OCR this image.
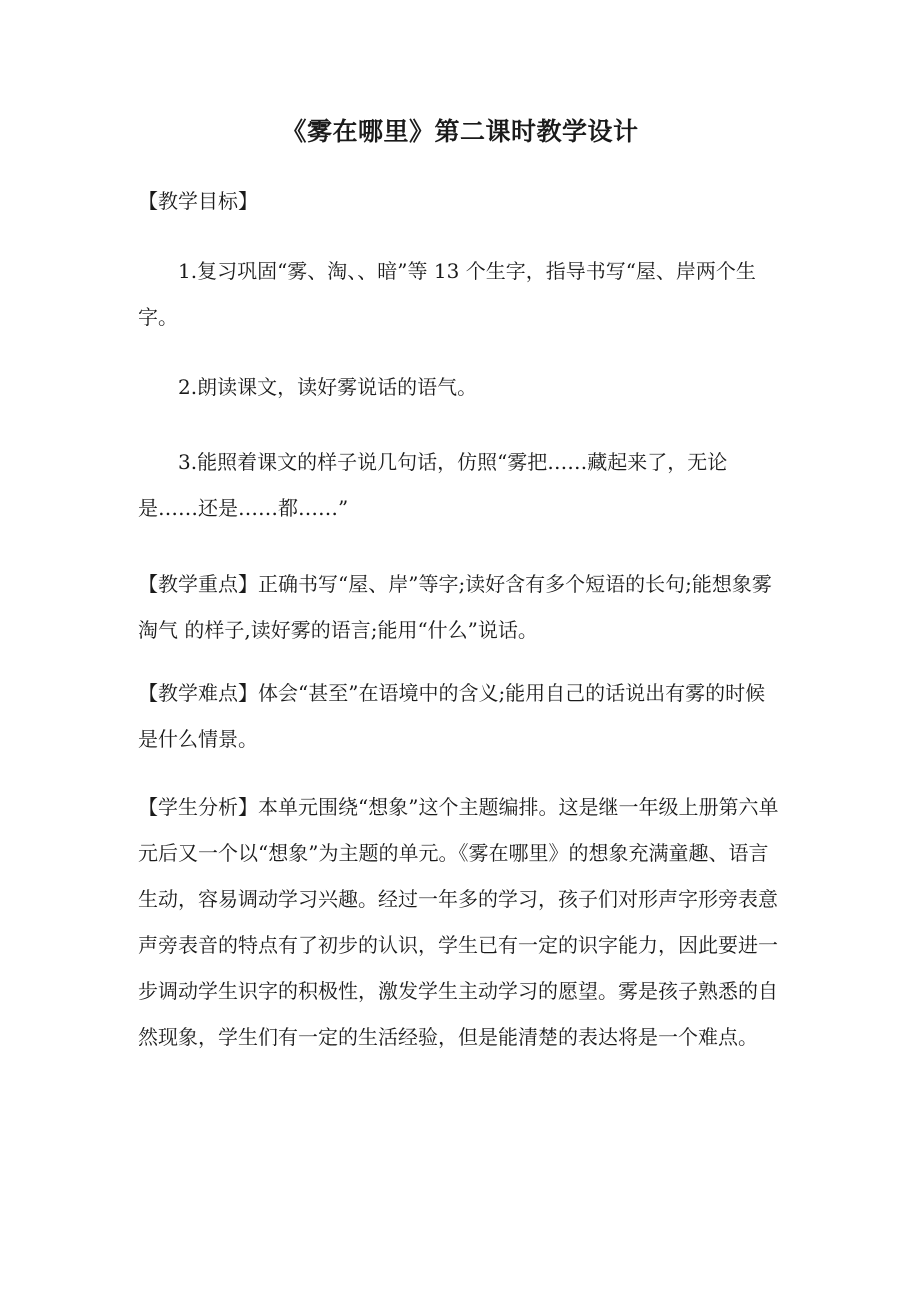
《雾在哪里》第二课时教学设计
【教学目标】
1.复习巩固“雾、淘、、暗”等 13 个生字，指导书写“屋、岸两个生字。
2.朗读课文，读好雾说话的语气。
3.能照着课文的样子说几句话，仿照“雾把……藏起来了，无论是……还是……都……”
【教学重点】正确书写“屋、岸”等字;读好含有多个短语的长句;能想象雾淘气 的样子,读好雾的语言;能用“什么”说话。
【教学难点】体会“甚至”在语境中的含义;能用自己的话说出有雾的时候是什么情景。
【学生分析】本单元围绕“想象”这个主题编排。这是继一年级上册第六单元后又一个以“想象”为主题的单元。《雾在哪里》的想象充满童趣、语言生动，容易调动学习兴趣。经过一年多的学习，孩子们对形声字形旁表意声旁表音的特点有了初步的认识，学生已有一定的识字能力，因此要进一步调动学生识字的积极性，激发学生主动学习的愿望。雾是孩子熟悉的自然现象，学生们有一定的生活经验，但是能清楚的表达将是一个难点。
